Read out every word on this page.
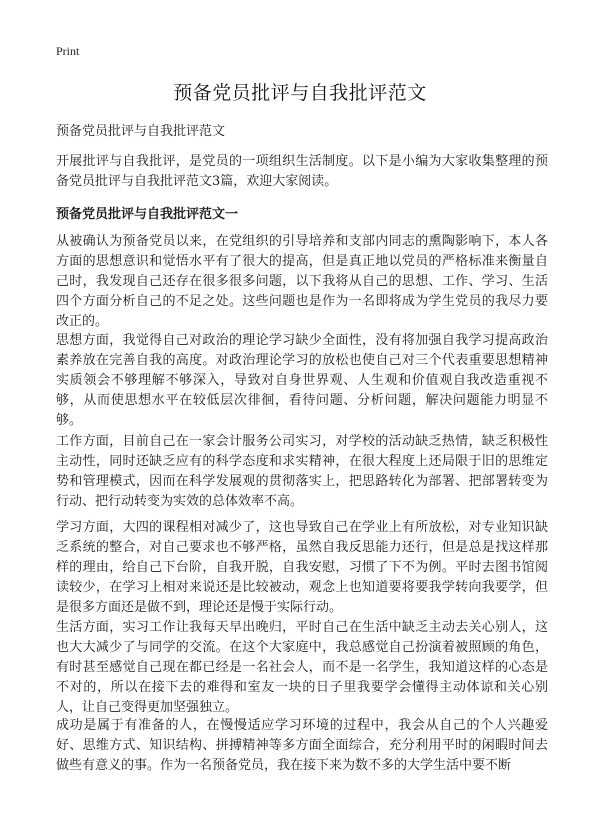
Print
预备党员批评与自我批评范文

预备党员批评与自我批评范文

开展批评与自我批评，是党员的一项组织生活制度。以下是小编为大家收集整理的预备党员批评与自我批评范文3篇，欢迎大家阅读。

预备党员批评与自我批评范文一

从被确认为预备党员以来，在党组织的引导培养和支部内同志的熏陶影响下，本人各方面的思想意识和觉悟水平有了很大的提高，但是真正地以党员的严格标准来衡量自己时，我发现自己还存在很多很多问题，以下我将从自己的思想、工作、学习、生活四个方面分析自己的不足之处。这些问题也是作为一名即将成为学生党员的我尽力要改正的。

思想方面，我觉得自己对政治的理论学习缺少全面性，没有将加强自我学习提高政治素养放在完善自我的高度。对政治理论学习的放松也使自己对三个代表重要思想精神实质领会不够理解不够深入，导致对自身世界观、人生观和价值观自我改造重视不够，从而使思想水平在较低层次徘徊，看待问题、分析问题，解决问题能力明显不够。

工作方面，目前自己在一家会计服务公司实习，对学校的活动缺乏热情，缺乏积极性主动性，同时还缺乏应有的科学态度和求实精神，在很大程度上还局限于旧的思维定势和管理模式，因而在科学发展观的贯彻落实上，把思路转化为部署、把部署转变为行动、把行动转变为实效的总体效率不高。

学习方面，大四的课程相对减少了，这也导致自己在学业上有所放松，对专业知识缺乏系统的整合，对自己要求也不够严格，虽然自我反思能力还行，但是总是找这样那样的理由，给自己下台阶，自我开脱，自我安慰，习惯了下不为例。平时去图书馆阅读较少，在学习上相对来说还是比较被动，观念上也知道要将要我学转向我要学，但是很多方面还是做不到，理论还是慢于实际行动。

生活方面，实习工作让我每天早出晚归，平时自己在生活中缺乏主动去关心别人，这也大大减少了与同学的交流。在这个大家庭中，我总感觉自己扮演着被照顾的角色，有时甚至感觉自己现在都已经是一名社会人，而不是一名学生，我知道这样的心态是不对的，所以在接下去的难得和室友一块的日子里我要学会懂得主动体谅和关心别人，让自己变得更加坚强独立。

成功是属于有准备的人，在慢慢适应学习环境的过程中，我会从自己的个人兴趣爱好、思维方式、知识结构、拼搏精神等多方面全面综合，充分利用平时的闲暇时间去做些有意义的事。作为一名预备党员，我在接下来为数不多的大学生活中要不断
